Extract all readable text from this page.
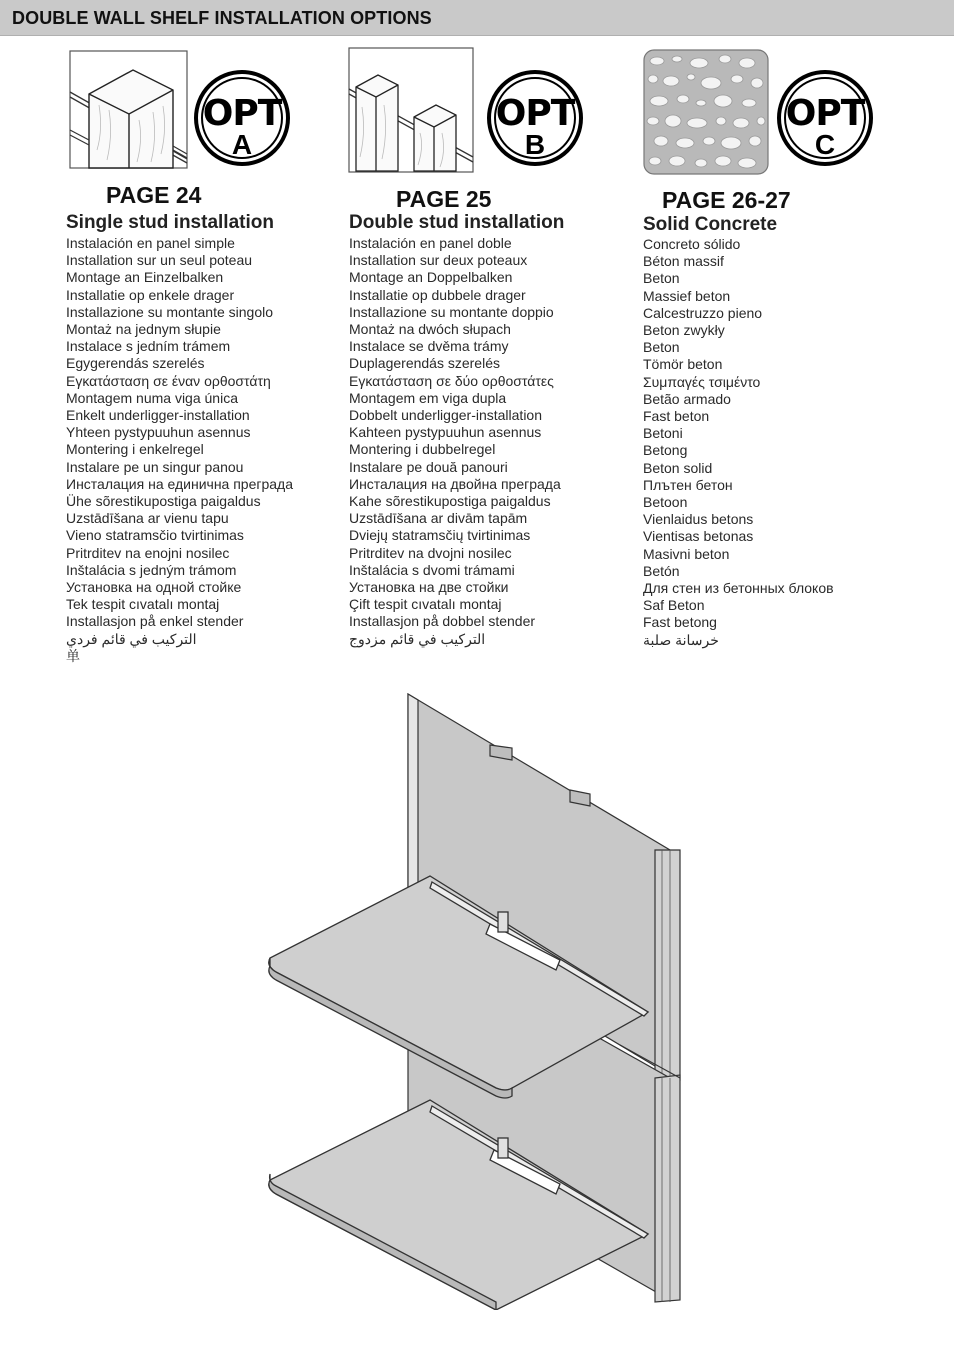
DOUBLE WALL SHELF INSTALLATION OPTIONS
OPT
A
PAGE 24
Single stud installation
Instalación en panel simple
Installation sur un seul poteau
Montage an Einzelbalken
Installatie op enkele drager
Installazione su montante singolo
Montaż na jednym słupie
Instalace s jedním trámem
Egygerendás szerelés
Εγκατάσταση σε έναν ορθοστάτη
Montagem numa viga única
Enkelt underligger-installation
Yhteen pystypuuhun asennus
Montering i enkelregel
Instalare pe un singur panou
Инсталация на единична преграда
Ühe sõrestikupostiga paigaldus
Uzstādīšana ar vienu tapu
Vieno statramsčio tvirtinimas
Pritrditev na enojni nosilec
Inštalácia s jedným trámom
Установка на одной стойке
Tek tespit cıvatalı montaj
Installasjon på enkel stender
التركيب في قائم فردي
单
OPT
B
PAGE 25
Double stud installation
Instalación en panel doble
Installation sur deux poteaux
Montage an Doppelbalken
Installatie op dubbele drager
Installazione su montante doppio
Montaż na dwóch słupach
Instalace se dvěma trámy
Duplagerendás szerelés
Εγκατάσταση σε δύο ορθοστάτες
Montagem em viga dupla
Dobbelt underligger-installation
Kahteen pystypuuhun asennus
Montering i dubbelregel
Instalare pe două panouri
Инсталация на двойна преграда
Kahe sõrestikupostiga paigaldus
Uzstādīšana ar divām tapām
Dviejų statramsčių tvirtinimas
Pritrditev na dvojni nosilec
Inštalácia s dvomi trámami
Установка на две стойки
Çift tespit cıvatalı montaj
Installasjon på dobbel stender
التركيب في قائم مزدوج
OPT
C
PAGE 26-27
Solid Concrete
Concreto sólido
Béton massif
Beton
Massief beton
Calcestruzzo pieno
Beton zwykły
Beton
Tömör beton
Συμπαγές τσιμέντο
Betão armado
Fast beton
Betoni
Betong
Beton solid
Плътен бетон
Betoon
Vienlaidus betons
Vientisas betonas
Masivni beton
Betón
Для стен из бетонных блоков
Saf Beton
Fast betong
خرسانة صلبة
